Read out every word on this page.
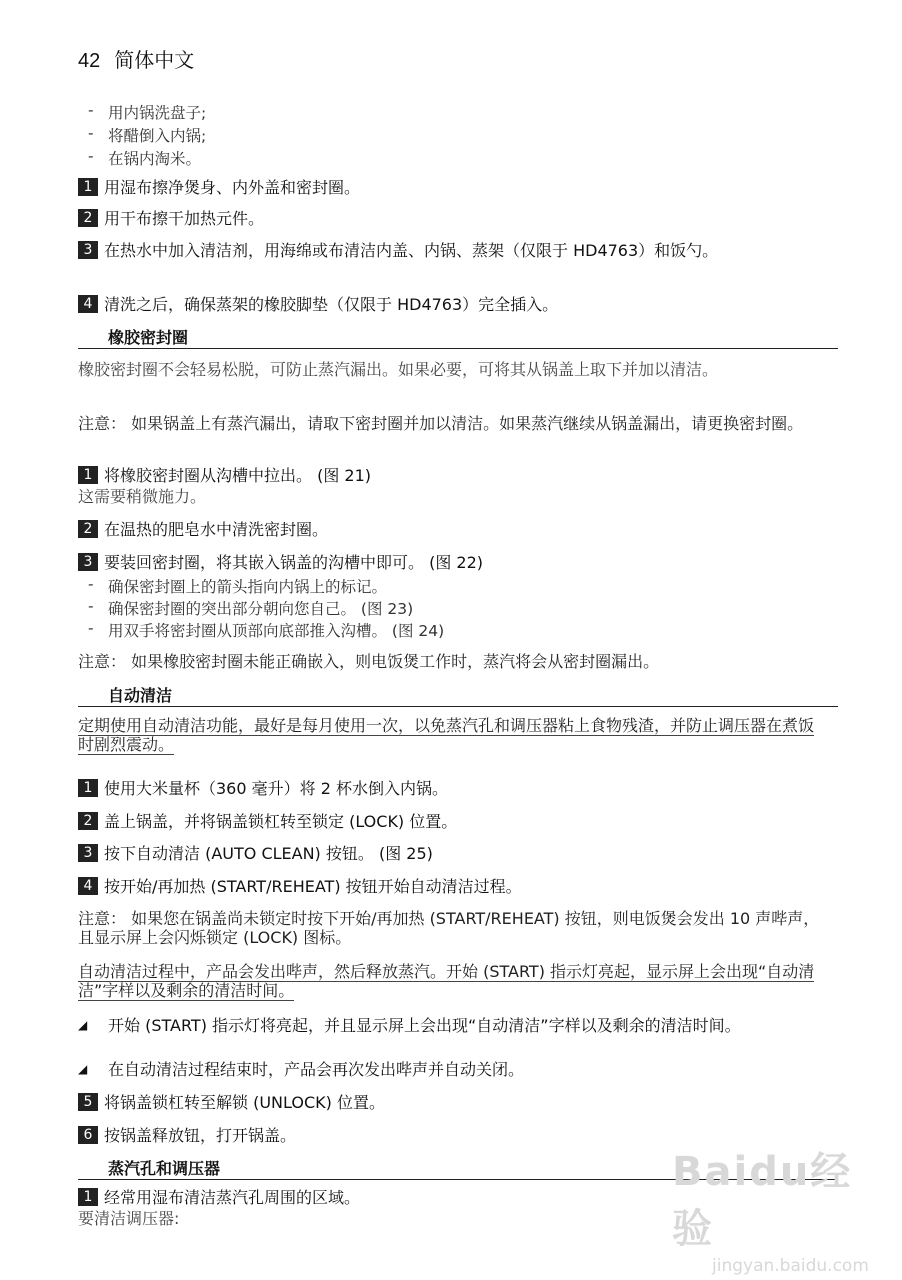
42 简体中文
- 用内锅洗盘子;
- 将醋倒入内锅;
- 在锅内淘米。
1 用湿布擦净煲身、内外盖和密封圈。
2 用干布擦干加热元件。
3 在热水中加入清洁剂，用海绵或布清洁内盖、内锅、蒸架（仅限于 HD4763）和饭勺。
4 清洗之后，确保蒸架的橡胶脚垫（仅限于 HD4763）完全插入。
橡胶密封圈
橡胶密封圈不会轻易松脱，可防止蒸汽漏出。如果必要，可将其从锅盖上取下并加以清洁。
注意： 如果锅盖上有蒸汽漏出，请取下密封圈并加以清洁。如果蒸汽继续从锅盖漏出，请更换密封圈。
1 将橡胶密封圈从沟槽中拉出。 (图 21)
这需要稍微施力。
2 在温热的肥皂水中清洗密封圈。
3 要装回密封圈，将其嵌入锅盖的沟槽中即可。 (图 22)
- 确保密封圈上的箭头指向内锅上的标记。
- 确保密封圈的突出部分朝向您自己。 (图 23)
- 用双手将密封圈从顶部向底部推入沟槽。 (图 24)
注意： 如果橡胶密封圈未能正确嵌入，则电饭煲工作时，蒸汽将会从密封圈漏出。
自动清洁
定期使用自动清洁功能，最好是每月使用一次，以免蒸汽孔和调压器粘上食物残渣，并防止调压器在煮饭时剧烈震动。
1 使用大米量杯（360 毫升）将 2 杯水倒入内锅。
2 盖上锅盖，并将锅盖锁杠转至锁定 (LOCK) 位置。
3 按下自动清洁 (AUTO CLEAN) 按钮。 (图 25)
4 按开始/再加热 (START/REHEAT) 按钮开始自动清洁过程。
注意： 如果您在锅盖尚未锁定时按下开始/再加热 (START/REHEAT) 按钮，则电饭煲会发出 10 声哔声，且显示屏上会闪烁锁定 (LOCK) 图标。
自动清洁过程中，产品会发出哔声，然后释放蒸汽。开始 (START) 指示灯亮起，显示屏上会出现“自动清洁”字样以及剩余的清洁时间。
◢ 开始 (START) 指示灯将亮起，并且显示屏上会出现“自动清洁”字样以及剩余的清洁时间。
◢ 在自动清洁过程结束时，产品会再次发出哔声并自动关闭。
5 将锅盖锁杠转至解锁 (UNLOCK) 位置。
6 按锅盖释放钮，打开锅盖。
蒸汽孔和调压器
1 经常用湿布清洁蒸汽孔周围的区域。
要清洁调压器:
Baidu经验
jingyan.baidu.com
